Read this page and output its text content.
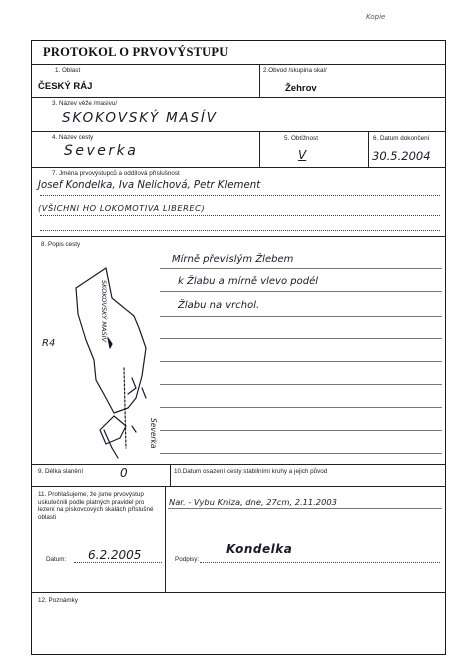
Kopie
PROTOKOL O PRVOVÝSTUPU
1. Oblast
ČESKÝ RÁJ
2.Obvod /skupina skal/
Žehrov
3. Název věže /masivu/
SKOKOVSKÝ MASÍV
4. Název cesty
Severka
5. Obtížnost
V
6. Datum dokončení
30.5.2004
7. Jména prvovýstupců a oddílová příslušnost
Josef Kondelka, Iva Nelichová, Petr Klement
(VŠICHNI HO LOKOMOTIVA LIBEREC)
8. Popis cesty
Mírně převislým Žlebem
k Žlabu a mírně vlevo podél
Žlabu na vrchol.
SKOKOVSKÝ MASÍV
Severka
R4
9. Délka slanění	0	10.Datum osazení cesty stabilními kruhy a jejich původ
11. Prohlašujeme, že jsme prvovýstup uskutečnili podle platných pravidel pro lezení na pískovcových skalách příslušné oblasti
Nar. - Vybu Kniza, dne, 27cm, 2.11.2003
Datum: 6.2.2005	Podpisy:
Kondelka
12. Poznámky
